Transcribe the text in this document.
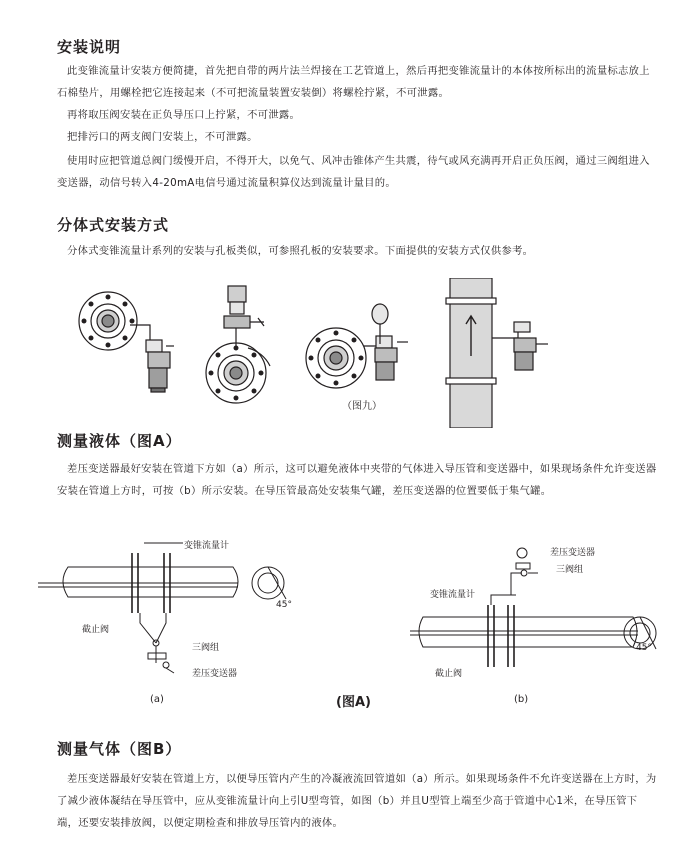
安装说明
此变锥流量计安装方便简捷，首先把自带的两片法兰焊接在工艺管道上，然后再把变锥流量计的本体按所标出的流量标志放上石棉垫片，用螺栓把它连接起来（不可把流量装置安装倒）将螺栓拧紧，不可泄露。
再将取压阀安装在正负导压口上拧紧，不可泄露。
把排污口的两支阀门安装上，不可泄露。
使用时应把管道总阀门缓慢开启，不得开大，以免气、风冲击锥体产生共震，待气或风充满再开启正负压阀，通过三阀组进入变送器，动信号转入4-20mA电信号通过流量积算仪达到流量计量目的。
分体式安装方式
分体式变锥流量计系列的安装与孔板类似，可参照孔板的安装要求。下面提供的安装方式仅供参考。
（图九）
测量液体（图A）
差压变送器最好安装在管道下方如（a）所示，这可以避免液体中夹带的气体进入导压管和变送器中，如果现场条件允许变送器安装在管道上方时，可按（b）所示安装。在导压管最高处安装集气罐，差压变送器的位置要低于集气罐。
变锥流量计
截止阀
三阀组
差压变送器
45°
差压变送器
三阀组
变锥流量计
截止阀
45°
(a)	(图A)	(b)
测量气体（图B）
差压变送器最好安装在管道上方，以便导压管内产生的冷凝液流回管道如（a）所示。如果现场条件不允许变送器在上方时，为了减少液体凝结在导压管中，应从变锥流量计向上引U型弯管，如图（b）并且U型管上端至少高于管道中心1米，在导压管下端，还要安装排放阀，以便定期检查和排放导压管内的液体。
